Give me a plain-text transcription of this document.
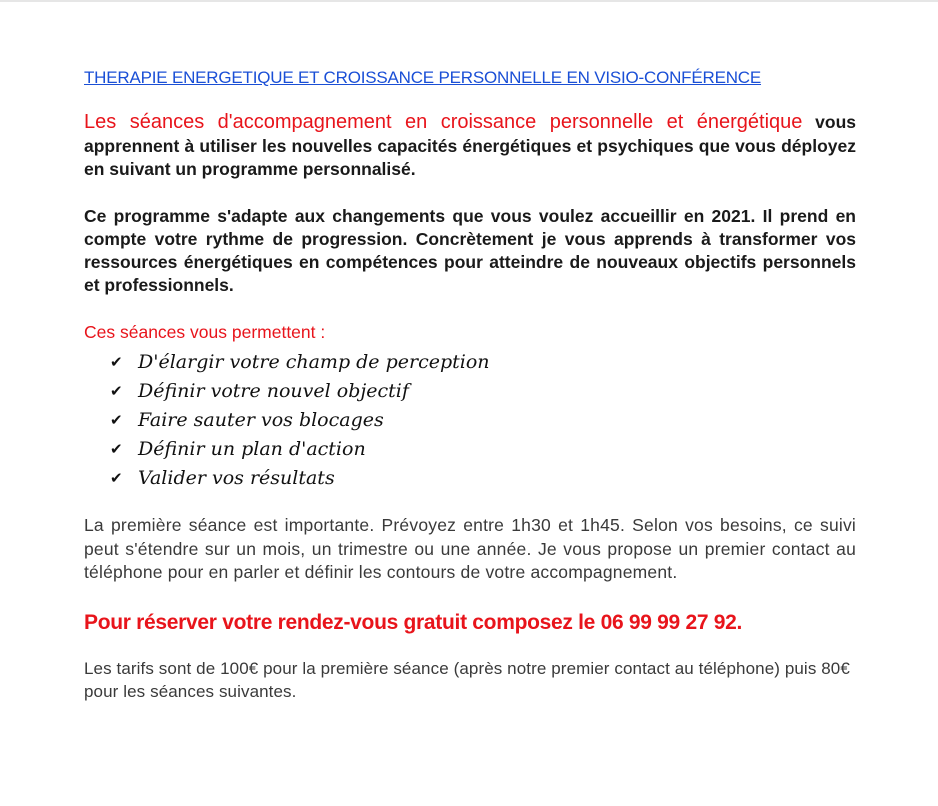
THERAPIE ENERGETIQUE ET CROISSANCE PERSONNELLE EN VISIO-CONFÉRENCE
Les séances d'accompagnement en croissance personnelle et énergétique vous apprennent à utiliser les nouvelles capacités énergétiques et psychiques que vous déployez en suivant un programme personnalisé.
Ce programme s'adapte aux changements que vous voulez accueillir en 2021. Il prend en compte votre rythme de progression. Concrètement je vous apprends à transformer vos ressources énergétiques en compétences pour atteindre de nouveaux objectifs personnels et professionnels.
Ces séances vous permettent :
✔ D'élargir votre champ de perception
✔ Définir votre nouvel objectif
✔ Faire sauter vos blocages
✔ Définir un plan d'action
✔ Valider vos résultats
La première séance est importante. Prévoyez entre 1h30 et 1h45. Selon vos besoins, ce suivi peut s'étendre sur un mois, un trimestre ou une année. Je vous propose un premier contact au téléphone pour en parler et définir les contours de votre accompagnement.
Pour réserver votre rendez-vous gratuit composez le 06 99 99 27 92.
Les tarifs sont de 100€ pour la première séance (après notre premier contact au téléphone) puis 80€ pour les séances suivantes.
